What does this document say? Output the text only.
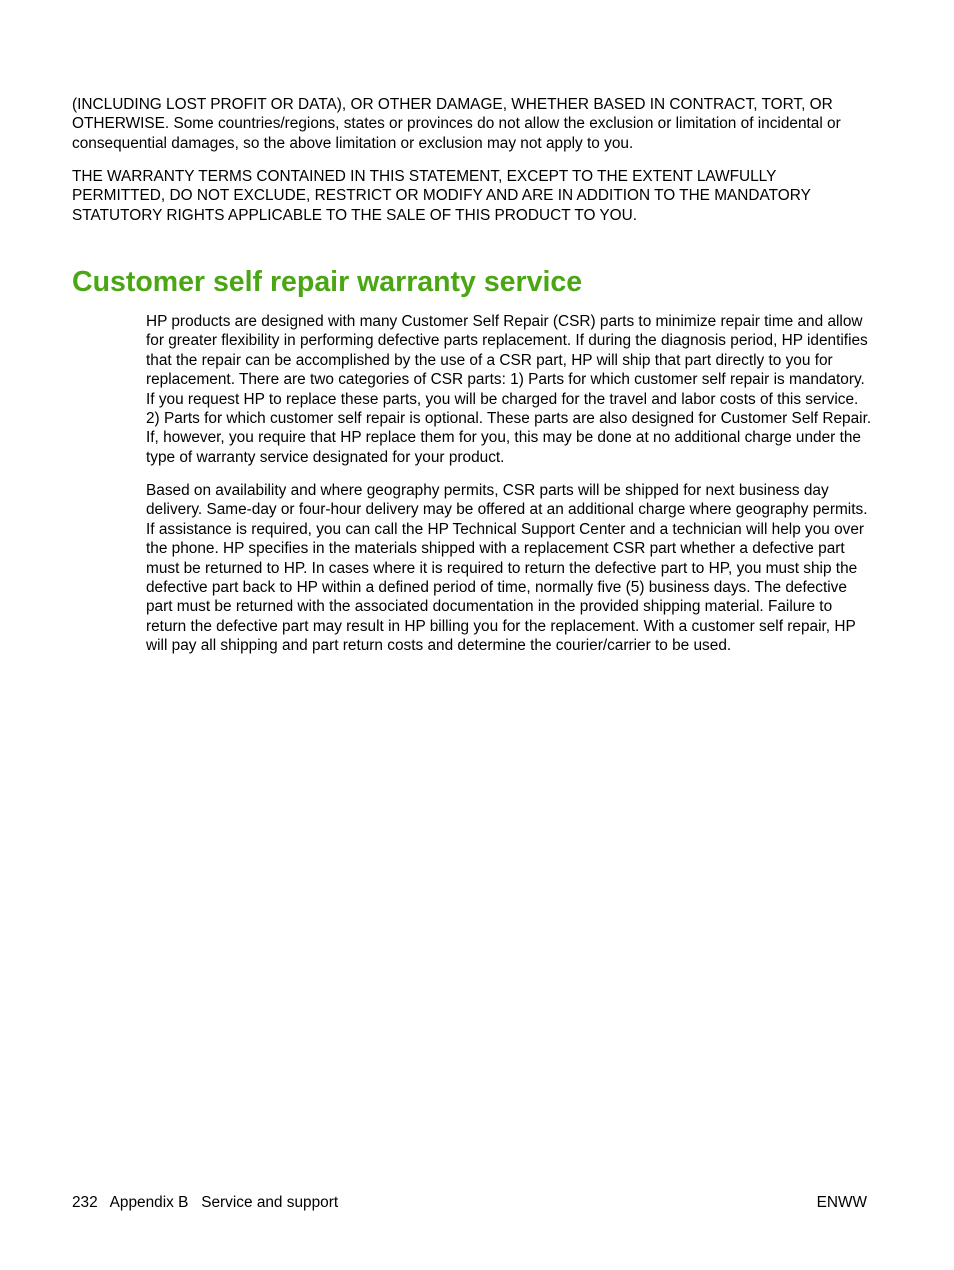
(INCLUDING LOST PROFIT OR DATA), OR OTHER DAMAGE, WHETHER BASED IN CONTRACT, TORT, OR OTHERWISE. Some countries/regions, states or provinces do not allow the exclusion or limitation of incidental or consequential damages, so the above limitation or exclusion may not apply to you.

THE WARRANTY TERMS CONTAINED IN THIS STATEMENT, EXCEPT TO THE EXTENT LAWFULLY PERMITTED, DO NOT EXCLUDE, RESTRICT OR MODIFY AND ARE IN ADDITION TO THE MANDATORY STATUTORY RIGHTS APPLICABLE TO THE SALE OF THIS PRODUCT TO YOU.

Customer self repair warranty service

HP products are designed with many Customer Self Repair (CSR) parts to minimize repair time and allow for greater flexibility in performing defective parts replacement. If during the diagnosis period, HP identifies that the repair can be accomplished by the use of a CSR part, HP will ship that part directly to you for replacement. There are two categories of CSR parts: 1) Parts for which customer self repair is mandatory. If you request HP to replace these parts, you will be charged for the travel and labor costs of this service. 2) Parts for which customer self repair is optional. These parts are also designed for Customer Self Repair. If, however, you require that HP replace them for you, this may be done at no additional charge under the type of warranty service designated for your product.

Based on availability and where geography permits, CSR parts will be shipped for next business day delivery. Same-day or four-hour delivery may be offered at an additional charge where geography permits. If assistance is required, you can call the HP Technical Support Center and a technician will help you over the phone. HP specifies in the materials shipped with a replacement CSR part whether a defective part must be returned to HP. In cases where it is required to return the defective part to HP, you must ship the defective part back to HP within a defined period of time, normally five (5) business days. The defective part must be returned with the associated documentation in the provided shipping material. Failure to return the defective part may result in HP billing you for the replacement. With a customer self repair, HP will pay all shipping and part return costs and determine the courier/carrier to be used.

232 Appendix B   Service and support	ENWW
